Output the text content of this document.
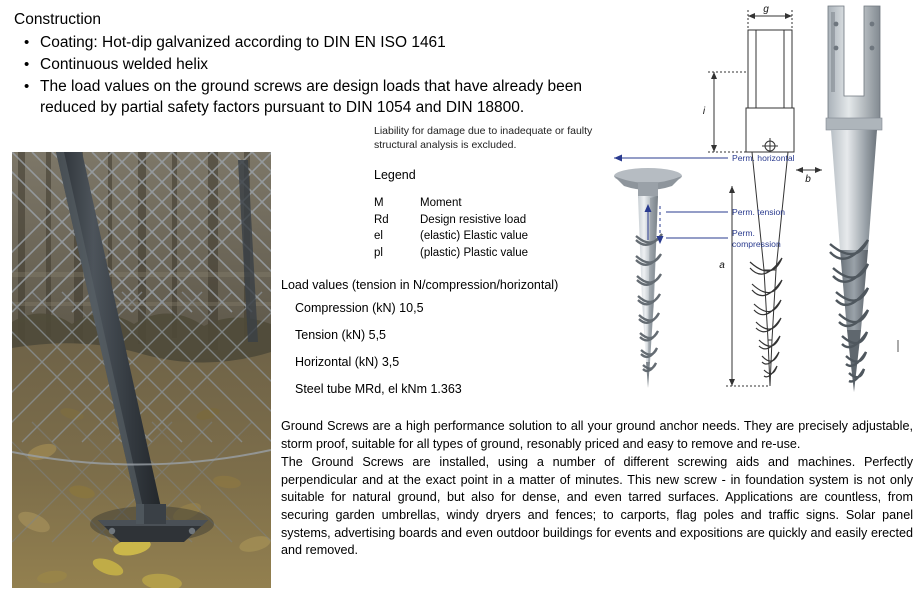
Construction
• Coating: Hot-dip galvanized according to DIN EN ISO 1461
• Continuous welded helix
• The load values on the ground screws are design loads that have already been reduced by partial safety factors pursuant to DIN 1054 and DIN 18800.
Liability for damage due to inadequate or faulty structural analysis is excluded.
Legend
M	Moment
Rd	Design resistive load
el	(elastic) Elastic value
pl	(plastic) Plastic value
Load values (tension in N/compression/horizontal)
Compression (kN) 10,5
Tension (kN) 5,5
Horizontal (kN) 3,5
Steel tube MRd, el kNm 1.363

Ground Screws are a high performance solution to all your ground anchor needs. They are precisely adjustable, storm proof, suitable for all types of ground, resonably priced and easy to remove and re-use.

The Ground Screws are installed, using a number of different screwing aids and machines. Perfectly perpendicular and at the exact point in a matter of minutes. This new screw - in foundation system is not only suitable for natural ground, but also for dense, and even tarred surfaces. Applications are countless, from securing garden umbrellas, windy dryers and fences; to carports, flag poles and traffic signs. Solar panel systems, advertising boards and even outdoor buildings for events and expositions are quickly and easily erected and removed.

g
i
b
a
Perm. horizontal
Perm. tension
Perm.
compression
